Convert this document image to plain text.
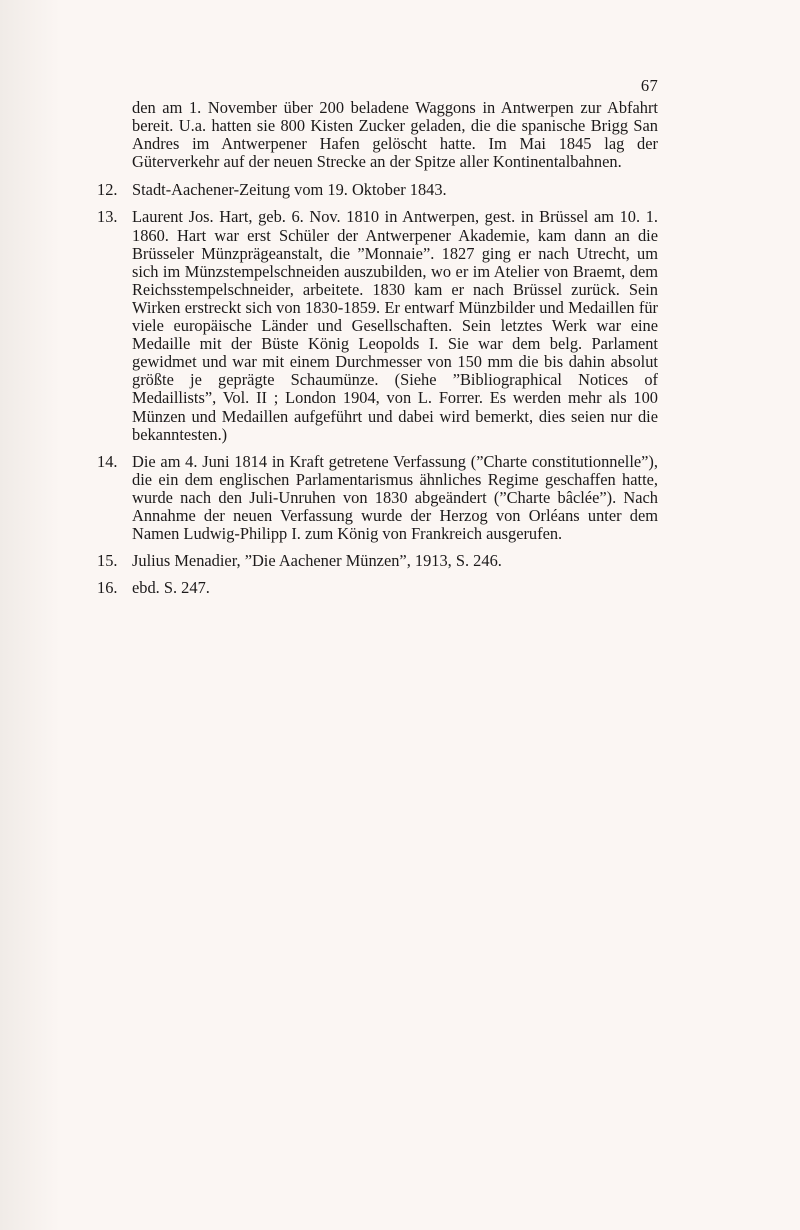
67

den am 1. November über 200 beladene Waggons in Antwerpen zur Abfahrt bereit. U.a. hatten sie 800 Kisten Zucker geladen, die die spanische Brigg San Andres im Antwerpener Hafen gelöscht hatte. Im Mai 1845 lag der Güterverkehr auf der neuen Strecke an der Spitze aller Kontinentalbahnen.

12. Stadt-Aachener-Zeitung vom 19. Oktober 1843.
13. Laurent Jos. Hart, geb. 6. Nov. 1810 in Antwerpen, gest. in Brüssel am 10. 1. 1860. Hart war erst Schüler der Antwerpener Akademie, kam dann an die Brüsseler Münzprägeanstalt, die ”Monnaie”. 1827 ging er nach Utrecht, um sich im Münzstempelschneiden auszubilden, wo er im Atelier von Braemt, dem Reichsstempelschneider, arbeitete. 1830 kam er nach Brüssel zurück. Sein Wirken erstreckt sich von 1830-1859. Er entwarf Münzbilder und Medaillen für viele europäische Länder und Gesellschaften. Sein letztes Werk war eine Medaille mit der Büste König Leopolds I. Sie war dem belg. Parlament gewidmet und war mit einem Durchmesser von 150 mm die bis dahin absolut größte je geprägte Schaumünze. (Siehe ”Bibliographical Notices of Medaillists”, Vol. II ; London 1904, von L. Forrer. Es werden mehr als 100 Münzen und Medaillen aufgeführt und dabei wird bemerkt, dies seien nur die bekanntesten.)
14. Die am 4. Juni 1814 in Kraft getretene Verfassung (”Charte constitutionnelle”), die ein dem englischen Parlamentarismus ähnliches Regime geschaffen hatte, wurde nach den Juli-Unruhen von 1830 abgeändert (”Charte bâclée”). Nach Annahme der neuen Verfassung wurde der Herzog von Orléans unter dem Namen Ludwig-Philipp I. zum König von Frankreich ausgerufen.
15. Julius Menadier, ”Die Aachener Münzen”, 1913, S. 246.
16. ebd. S. 247.
